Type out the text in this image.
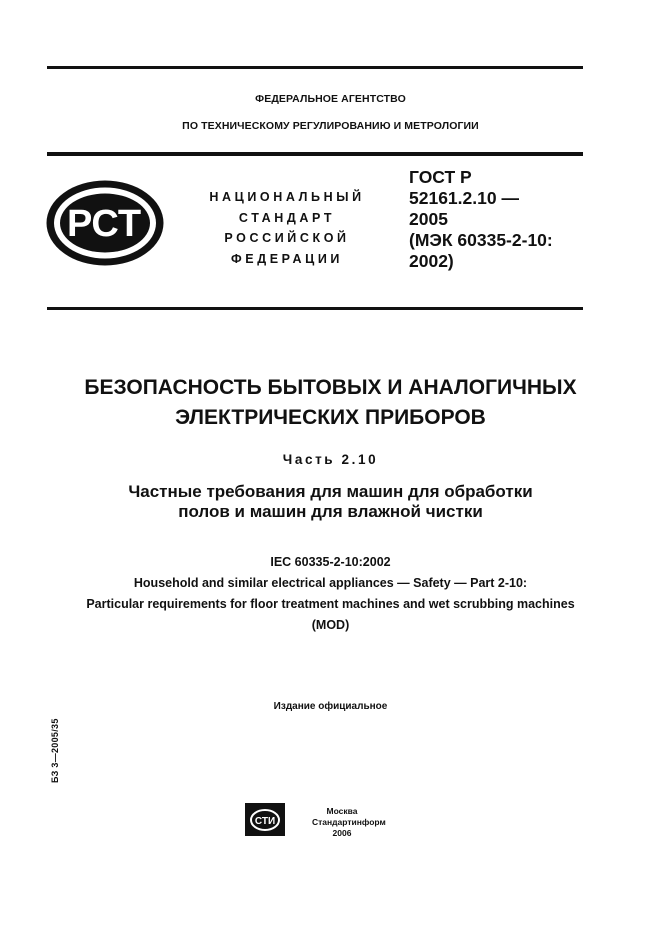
ФЕДЕРАЛЬНОЕ АГЕНТСТВО
ПО ТЕХНИЧЕСКОМУ РЕГУЛИРОВАНИЮ И МЕТРОЛОГИИ
РСТ
НАЦИОНАЛЬНЫЙ
СТАНДАРТ
РОССИЙСКОЙ
ФЕДЕРАЦИИ
ГОСТ Р
52161.2.10 —
2005
(МЭК 60335-2-10:
2002)
БЕЗОПАСНОСТЬ БЫТОВЫХ И АНАЛОГИЧНЫХ
ЭЛЕКТРИЧЕСКИХ ПРИБОРОВ
Часть 2.10
Частные требования для машин для обработки
полов и машин для влажной чистки
IEC 60335-2-10:2002
Household and similar electrical appliances — Safety — Part 2-10:
Particular requirements for floor treatment machines and wet scrubbing machines
(MOD)
Издание официальное
БЗ 3—2005/35
СТИ
Москва
Стандартинформ
2006
